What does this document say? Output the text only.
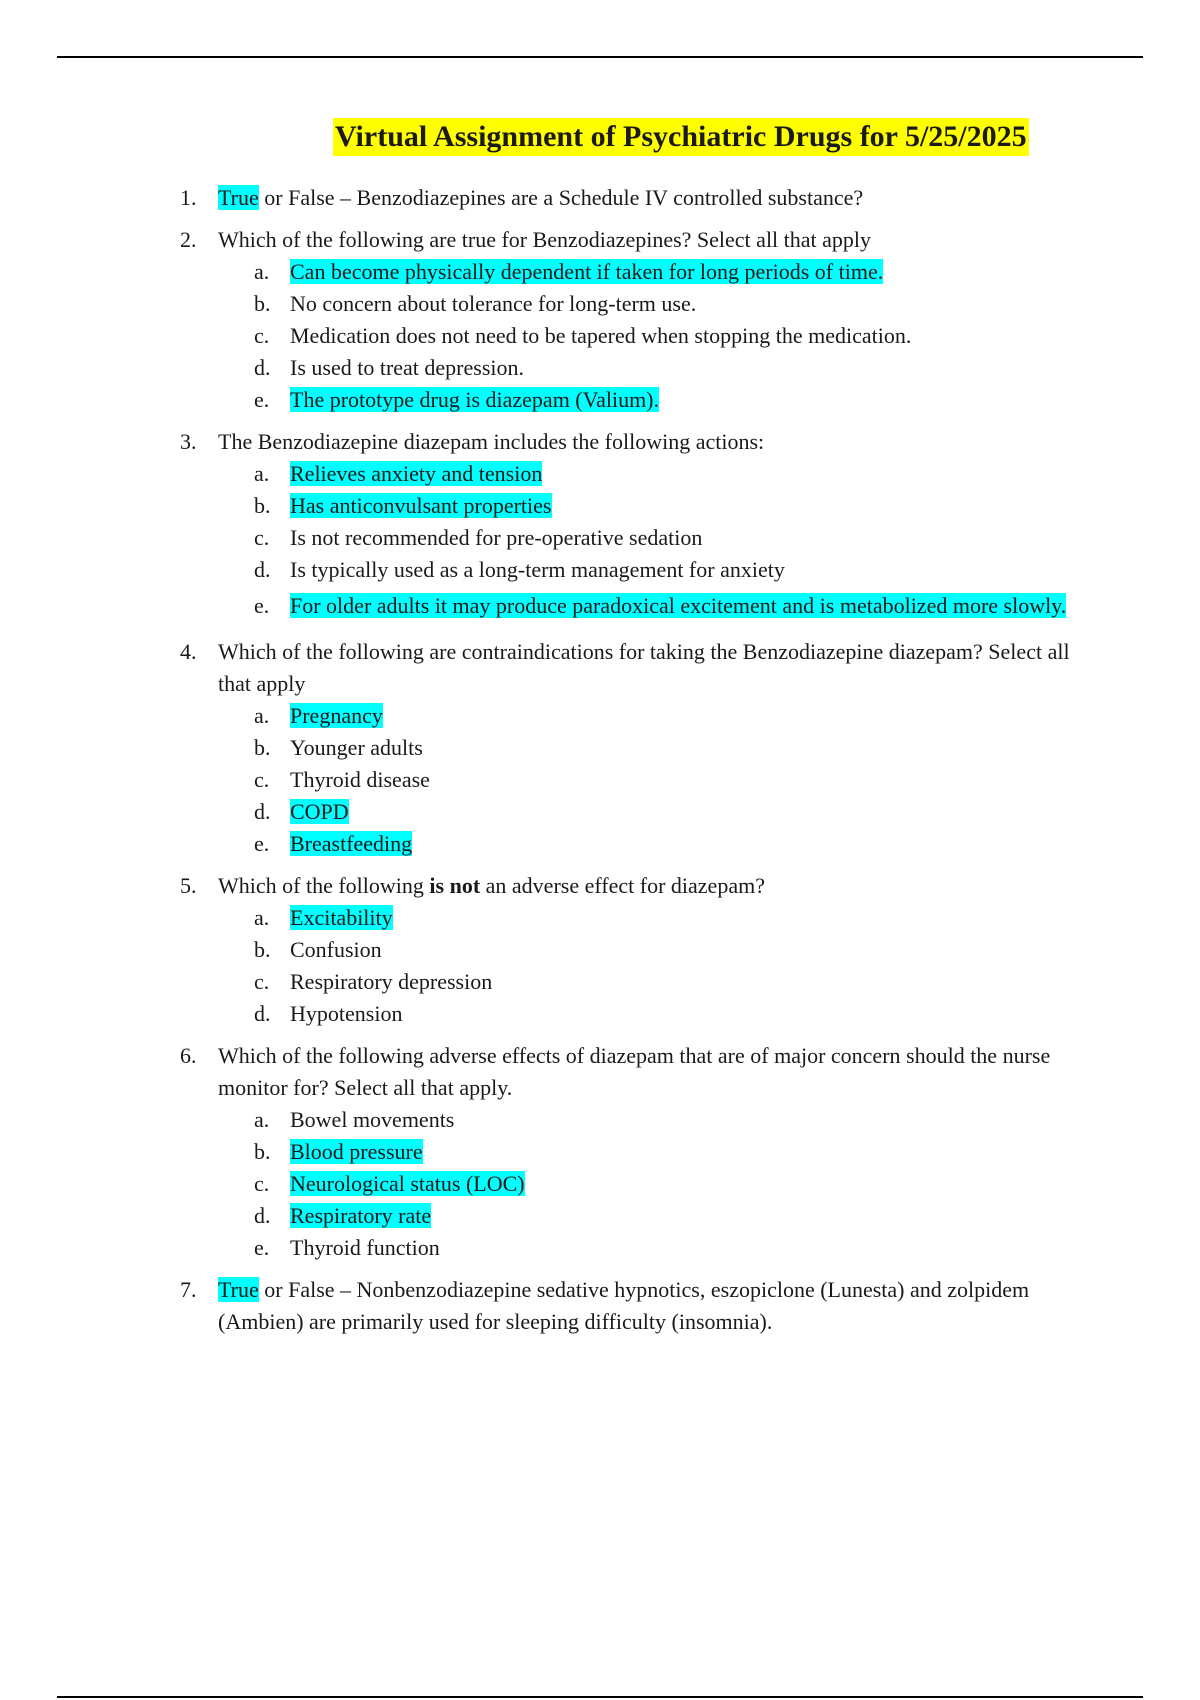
Virtual Assignment of Psychiatric Drugs for 5/25/2025
1. True or False – Benzodiazepines are a Schedule IV controlled substance?
2. Which of the following are true for Benzodiazepines? Select all that apply
a. Can become physically dependent if taken for long periods of time.
b. No concern about tolerance for long-term use.
c. Medication does not need to be tapered when stopping the medication.
d. Is used to treat depression.
e. The prototype drug is diazepam (Valium).
3. The Benzodiazepine diazepam includes the following actions:
a. Relieves anxiety and tension
b. Has anticonvulsant properties
c. Is not recommended for pre-operative sedation
d. Is typically used as a long-term management for anxiety
e. For older adults it may produce paradoxical excitement and is metabolized more slowly.
4. Which of the following are contraindications for taking the Benzodiazepine diazepam? Select all that apply
a. Pregnancy
b. Younger adults
c. Thyroid disease
d. COPD
e. Breastfeeding
5. Which of the following is not an adverse effect for diazepam?
a. Excitability
b. Confusion
c. Respiratory depression
d. Hypotension
6. Which of the following adverse effects of diazepam that are of major concern should the nurse monitor for? Select all that apply.
a. Bowel movements
b. Blood pressure
c. Neurological status (LOC)
d. Respiratory rate
e. Thyroid function
7. True or False – Nonbenzodiazepine sedative hypnotics, eszopiclone (Lunesta) and zolpidem (Ambien) are primarily used for sleeping difficulty (insomnia).
